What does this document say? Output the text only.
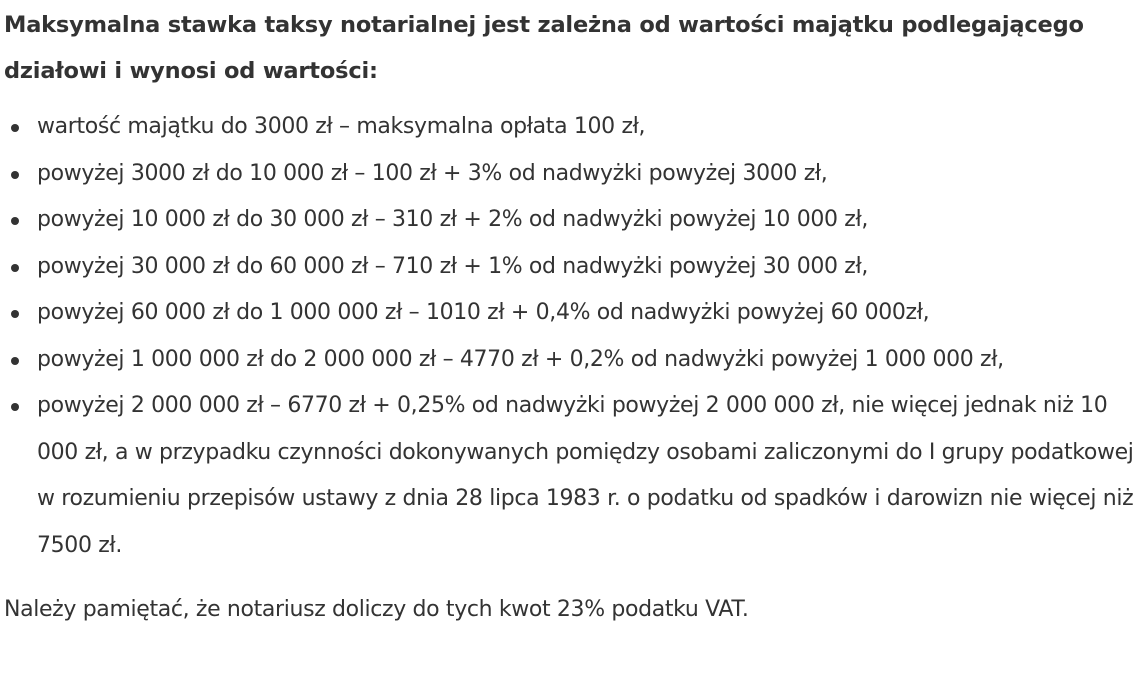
Maksymalna stawka taksy notarialnej jest zależna od wartości majątku podlegającego działowi i wynosi od wartości:

wartość majątku do 3000 zł – maksymalna opłata 100 zł,
powyżej 3000 zł do 10 000 zł – 100 zł + 3% od nadwyżki powyżej 3000 zł,
powyżej 10 000 zł do 30 000 zł – 310 zł + 2% od nadwyżki powyżej 10 000 zł,
powyżej 30 000 zł do 60 000 zł – 710 zł + 1% od nadwyżki powyżej 30 000 zł,
powyżej 60 000 zł do 1 000 000 zł – 1010 zł + 0,4% od nadwyżki powyżej 60 000zł,
powyżej 1 000 000 zł do 2 000 000 zł – 4770 zł + 0,2% od nadwyżki powyżej 1 000 000 zł,
powyżej 2 000 000 zł – 6770 zł + 0,25% od nadwyżki powyżej 2 000 000 zł, nie więcej jednak niż 10 000 zł, a w przypadku czynności dokonywanych pomiędzy osobami zaliczonymi do I grupy podatkowej w rozumieniu przepisów ustawy z dnia 28 lipca 1983 r. o podatku od spadków i darowizn nie więcej niż 7500 zł.

Należy pamiętać, że notariusz doliczy do tych kwot 23% podatku VAT.
